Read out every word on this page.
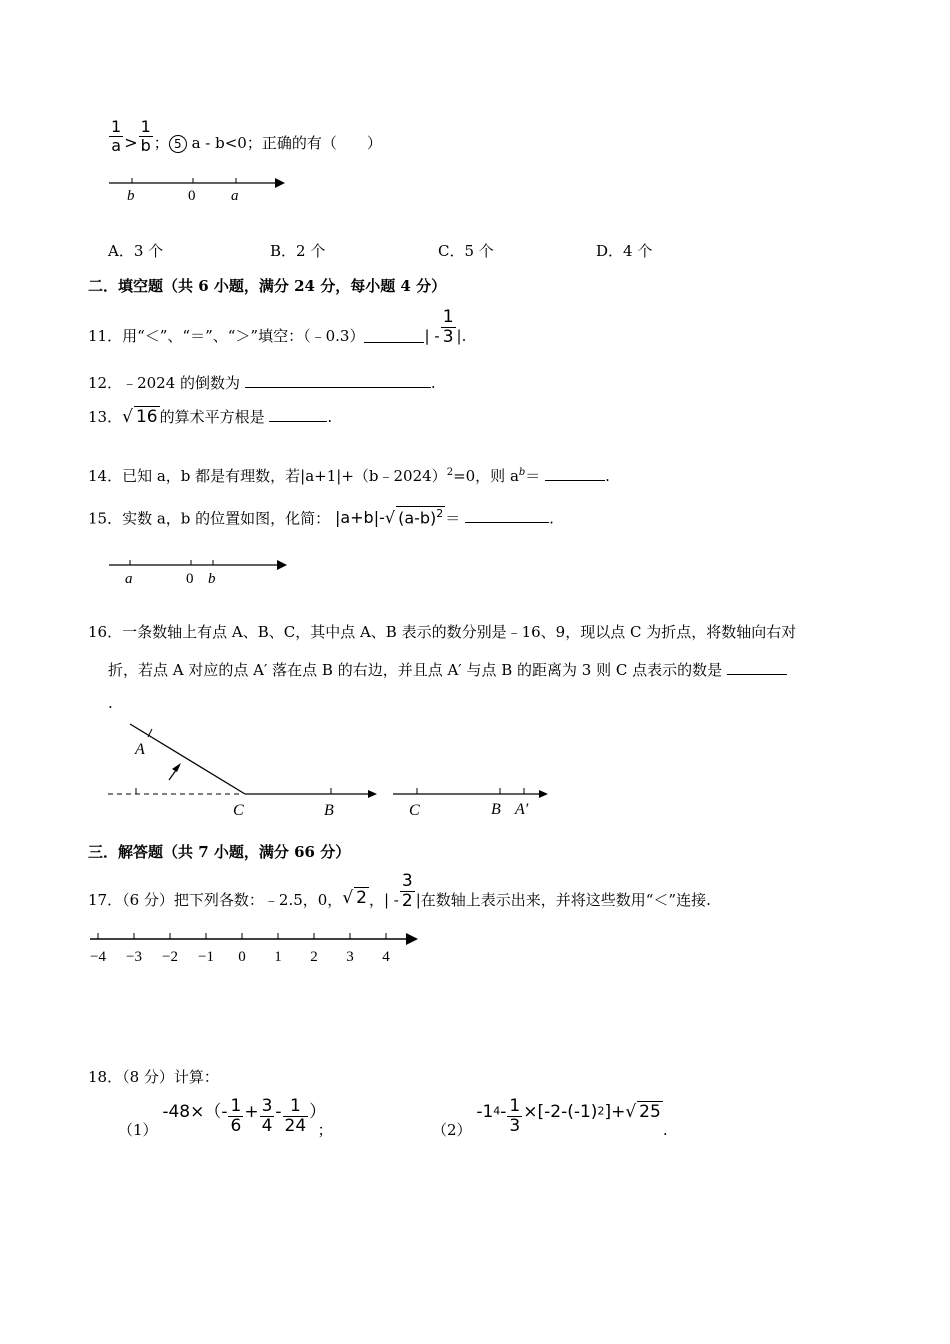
$\frac{1}{a} > \frac{1}{b}$ ； 5 a - b<0；正确的有（　　）
b	0 a
A．3 个	B．2 个	C．5 个	D．4 个
二．填空题（共 6 小题，满分 24 分，每小题 4 分）
11．用“＜”、“＝”、“＞”填空：（﹣0.3）	| - $\frac{1}{3}$ |.
12．﹣2024 的倒数为	.
13．√ 16 的算术平方根是	.
14．已知 a，b 都是有理数，若|a+1|+（b﹣2024）$^2$=0，则 $a^b=$	.
15．实数 a，b 的位置如图，化简： |a+b|-√ $(a-b)^2$ ＝	.
a	0 b
16．一条数轴上有点 A、B、C，其中点 A、B 表示的数分别是﹣16、9，现以点 C 为折点，将数轴向右对
折，若点 A 对应的点 A′ 落在点 B 的右边，并且点 A′ 与点 B 的距离为 3 则 C 点表示的数是
.
A
C	B	C	B A′
三．解答题（共 7 小题，满分 66 分）
17．（6 分）把下列各数：﹣2.5，0，√ 2 ，| - $\frac{3}{2}$ |在数轴上表示出来，并将这些数用“＜”连接.
−4 −3 −2 −1 0 1 2 3 4
18．（8 分）计算：
（1） $-48\times(- \frac{1}{6} + \frac{3}{4} - \frac{1}{24}$ ）；	（2） $-1^4- \frac{1}{3} \times[-2-(-1)^2]+√$ 25.
